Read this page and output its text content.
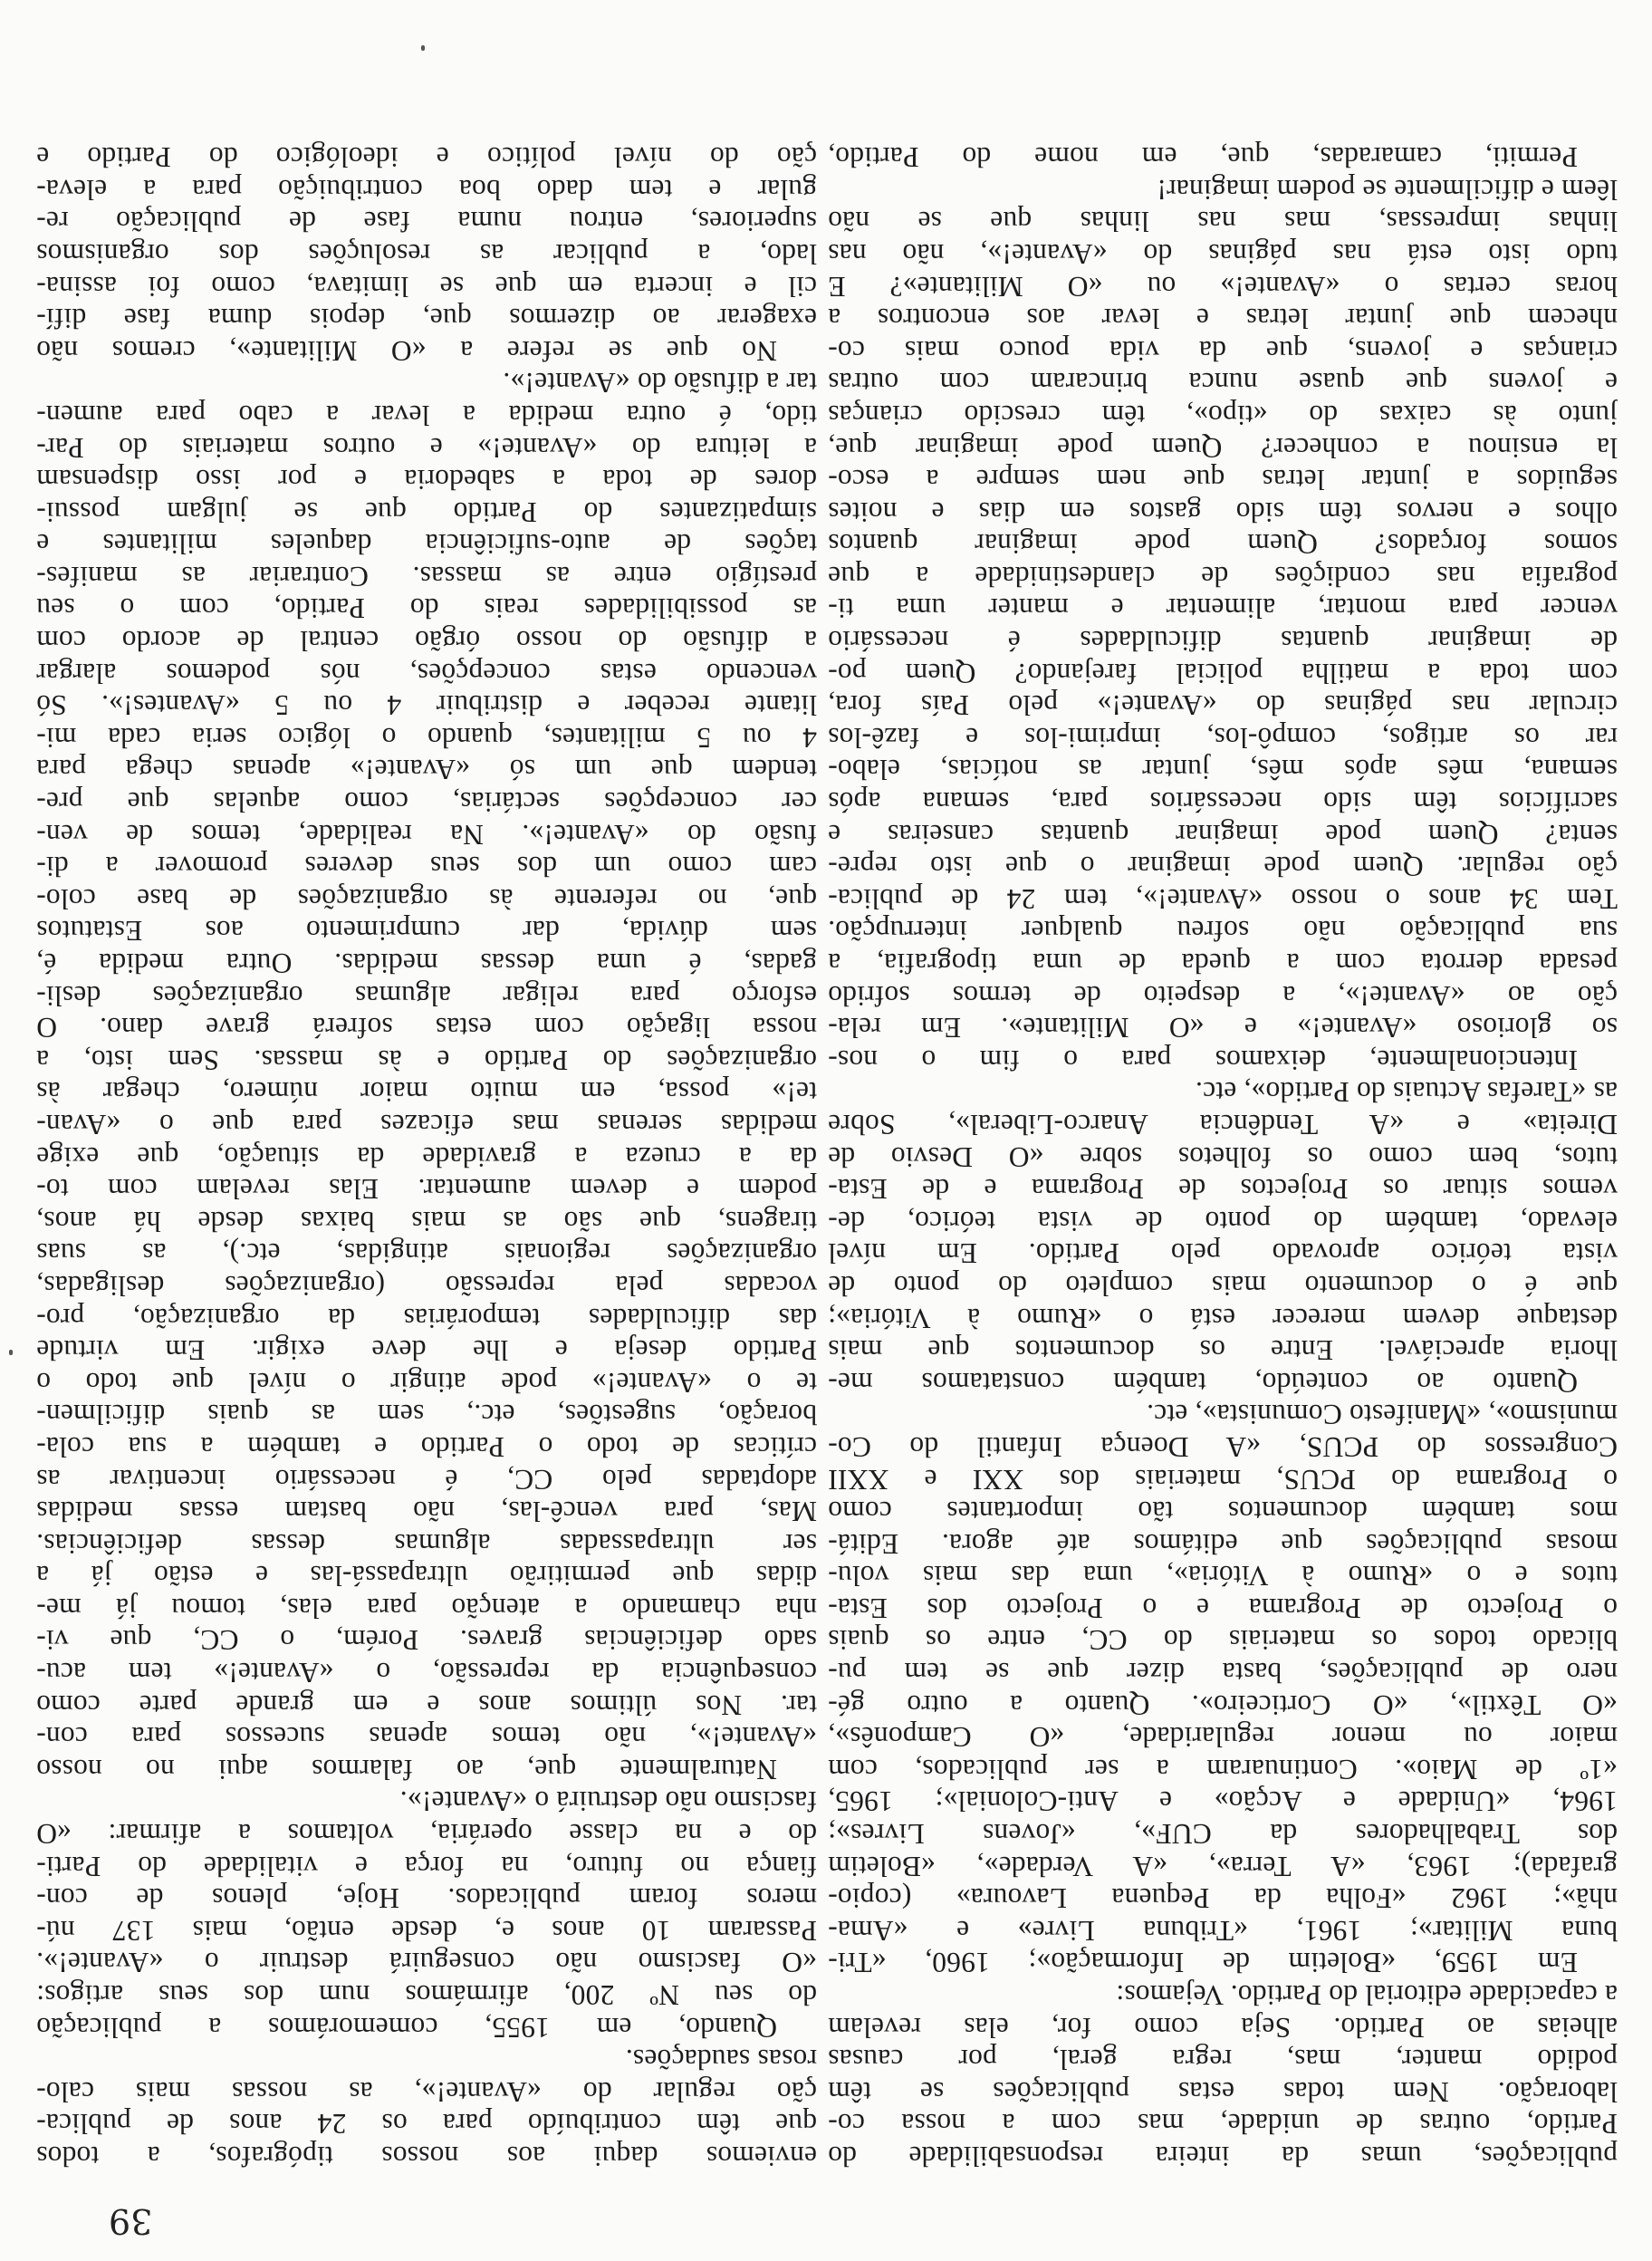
39
publicações, umas da inteira responsabilidade do
Partido, outras de unidade, mas com a nossa co-
laboração. Nem todas estas publicações se têm
podido manter, mas, regra geral, por causas
alheias ao Partido. Seja como for, elas revelam
a capacidade editorial do Partido. Vejamos:
Em 1959, «Boletim de Informação»; 1960, «Tri-
buna Militar»; 1961, «Tribuna Livre» e «Ama-
nhã»; 1962 «Folha da Pequena Lavoura» (copio-
grafada); 1963, «A Terra», «A Verdade», «Boletim
dos Trabalhadores da CUF», «Jovens Livres»;
1964, «Unidade e Acção» e Anti-Colonial»; 1965,
«1º de Maio». Continuaram a ser publicados, com
maior ou menor regularidade, «O Camponês»,
«O Têxtil», «O Corticeiro». Quanto a outro gé-
nero de publicações, basta dizer que se tem pu-
blicado todos os materiais do CC, entre os quais
o Projecto de Programa e o Projecto dos Esta-
tutos e o «Rumo à Vitória», uma das mais volu-
mosas publicações que editámos até agora. Editá-
mos também documentos tão importantes como
o Programa do PCUS, materiais dos XXI e XXII
Congressos do PCUS, «A Doença Infantil do Co-
munismo», «Manifesto Comunista», etc.
Quanto ao conteúdo, também constatamos me-
lhoria apreciável. Entre os documentos que mais
destaque devem merecer está o «Rumo à Vitória»;
que é o documento mais completo do ponto de
vista teórico aprovado pelo Partido. Em nível
elevado, também do ponto de vista teórico, de-
vemos situar os Projectos de Programa e de Esta-
tutos, bem como os folhetos sobre «O Desvio de
Direita» e «A Tendência Anarco-Liberal», Sobre
as «Tarefas Actuais do Partido», etc.
Intencionalmente, deixamos para o fim o nos-
so glorioso «Avante!» e «O Militante». Em rela-
ção ao «Avante!», a despeito de termos sofrido
pesada derrota com a queda de uma tipografia, a
sua publicação não sofreu qualquer interrupção.
Tem 34 anos o nosso «Avante!», tem 24 de publica-
ção regular. Quem pode imaginar o que isto repre-
senta? Quem pode imaginar quantas canseiras e
sacrifícios têm sido necessários para, semana após
semana, mês após mês, juntar as notícias, elabo-
rar os artigos, compô-los, imprimi-los e fazê-los
circular nas páginas do «Avante!» pelo País fora,
com toda a matilha policial farejando? Quem po-
de imaginar quantas dificuldades é necessário
vencer para montar, alimentar e manter uma ti-
pografia nas condições de clandestinidade a que
somos forçados? Quem pode imaginar quantos
olhos e nervos têm sido gastos em dias e noites
seguidos a juntar letras que nem sempre a esco-
la ensinou a conhecer? Quem pode imaginar que,
junto às caixas do «tipo», têm crescido crianças
e jovens que quase nunca brincaram com outras
crianças e jovens, que da vida pouco mais co-
nhecem que juntar letras e levar aos encontros a
horas certas o «Avante!» ou «O Militante»? E
tudo isto está nas páginas do «Avante!», não nas
linhas impressas, mas nas linhas que se não
lêem e dificilmente se podem imaginar!
Permiti, camaradas, que, em nome do Partido,
enviemos daqui aos nossos tipógrafos, a todos
que têm contribuído para os 24 anos de publica-
ção regular do «Avante!», as nossas mais calo-
rosas saudações.
Quando, em 1955, comemorámos a publicação
do seu Nº 200, afirmámos num dos seus artigos:
«O fascismo não conseguirá destruir o «Avante!».
Passaram 10 anos e, desde então, mais 137 nú-
meros foram publicados. Hoje, plenos de con-
fiança no futuro, na força e vitalidade do Parti-
do e na classe operária, voltamos a afirmar: «O
fascismo não destruirá o «Avante!».
Naturalmente que, ao falarmos aqui no nosso
«Avante!», não temos apenas sucessos para con-
tar. Nos últimos anos e em grande parte como
consequência da repressão, o «Avante!» tem acu-
sado deficiências graves. Porém, o CC, que vi-
nha chamando a atenção para elas, tomou já me-
didas que permitirão ultrapassá-las e estão já a
ser ultrapassadas algumas dessas deficiências.
Mas, para vencê-las, não bastam essas medidas
adoptadas pelo CC, é necessário incentivar as
críticas de todo o Partido e também a sua cola-
boração, sugestões, etc., sem as quais dificilmen-
te o «Avante!» pode atingir o nível que todo o
Partido deseja e lhe deve exigir. Em virtude
das dificuldades temporárias da organização, pro-
vocadas pela repressão (organizações desligadas,
organizações regionais atingidas, etc.), as suas
tiragens, que são as mais baixas desde há anos,
podem e devem aumentar. Elas revelam com to-
da a crueza a gravidade da situação, que exige
medidas serenas mas eficazes para que o «Avan-
te!» possa, em muito maior número, chegar às
organizações do Partido e às massas. Sem isto, a
nossa ligação com estas sofrerá grave dano. O
esforço para religar algumas organizações desli-
gadas, é uma dessas medidas. Outra medida é,
sem dúvida, dar cumprimento aos Estatutos
que, no referente às organizações de base colo-
cam como um dos seus deveres promover a di-
fusão do «Avante!». Na realidade, temos de ven-
cer concepções sectárias, como aquelas que pre-
tendem que um só «Avante!» apenas chega para
4 ou 5 militantes, quando o lógico seria cada mi-
litante receber e distribuir 4 ou 5 «Avantes!». Só
vencendo estas concepções, nós podemos alargar
a difusão do nosso órgão central de acordo com
as possibilidades reais do Partido, com o seu
prestígio entre as massas. Contrariar as manifes-
tações de auto-suficiência daqueles militantes e
simpatizantes do Partido que se julgam possui-
dores de toda a sabedoria e por isso dispensam
a leitura do «Avante!» e outros materiais do Par-
tido, é outra medida a levar a cabo para aumen-
tar a difusão do «Avante!».
No que se refere a «O Militante», cremos não
exagerar ao dizermos que, depois duma fase difí-
cil e incerta em que se limitava, como foi assina-
lado, a publicar as resoluções dos organismos
superiores, entrou numa fase de publicação re-
gular e tem dado boa contribuição para a eleva-
ção do nível político e ideológico do Partido e
